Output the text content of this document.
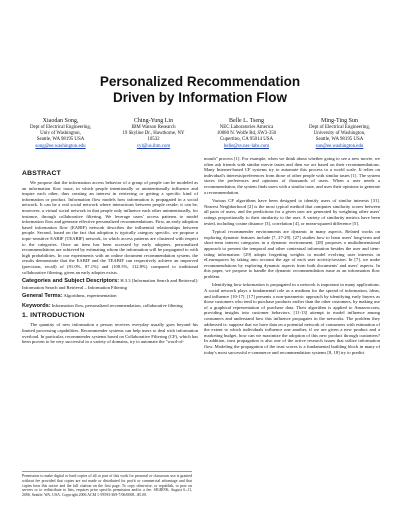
Personalized Recommendation
Driven by Information Flow
Xiaodan Song,
Dept of Electrical Engineering,
Univ of Washington,
Seattle, WA 98195 USA
song@ee.washington.edu
Ching-Yung Lin
IBM Watson Research
19 Skyline Dr., Hawthorne, NY
10532
cyl@us.ibm.com
Belle L. Tseng
NEC Laboratories America
10080 N. Wolfe Rd, SW3-350
Cupertino, CA 95014 USA
belle@sv.nec-labs.com
Ming-Ting Sun
Dept of Electrical Engineering,
University of Washington,
Seattle, WA 98195 USA
sun@ee.washington.edu
ABSTRACT

We propose that the information access behavior of a group of people can be modeled as an information flow issue, in which people intentionally or unintentionally influence and inspire each other, thus creating an interest in retrieving or getting a specific kind of information or product. Information flow models how information is propagated in a social network. It can be a real social network where interactions between people reside; it can be, moreover, a virtual social network in that people only influence each other unintentionally, for instance, through collaborative filtering. We leverage users' access patterns to model information flow and generate effective personalized recommendations. First, an early adoption based information flow (EABIF) network describes the influential relationships between people. Second, based on the fact that adoption is typically category specific, we propose a topic-sensitive EABIF (TEABIF) network, in which access patterns are clustered with respect to the categories. Once an item has been accessed by early adopters, personalized recommendations are achieved by estimating whom the information will be propagated to with high probabilities. In our experiments with an online document recommendation system, the results demonstrate that the EABIF and the TEABIF can respectively achieve an improved (precision, recall) of (91.0%, 87.1%) and (108.5%, 112.8%) compared to traditional collaborative filtering, given an early adopter exists.

Categories and Subject Descriptors: H.3.3 [Information Search and Retrieval]: Information Search and Retrieval – Information Filtering

General Terms: Algorithms, experimentation

Keywords: Information flow, personalized recommendation, collaborative filtering

1. INTRODUCTION

The quantity of new information a person receives everyday usually goes beyond his limited processing capabilities. Recommender systems can help users to deal with information overload. In particular, recommender systems based on Collaborative Filtering (CF), which has been proven to be very successful in a variety of domains, try to automate the "word-of-

Permission to make digital or hard copies of all or part of this work for personal or classroom use is granted without fee provided that copies are not made or distributed for profit or commercial advantage and that copies bear this notice and the full citation on the first page. To copy otherwise, or republish, to post on servers or to redistribute to lists, requires prior specific permission and/or a fee. SIGIR'06, August 6–11, 2006, Seattle, WA, USA. Copyright 2006 ACM 1-59593-369-7/06/0008...$5.00.

mouth" process [1]. For example, when we think about whether going to see a new movie, we often ask friends with similar movie tastes and then we act based on their recommendations. Many Internet-based CF systems try to automate this process to a world scale. It relies on individual's interests/preferences from those of other people with similar tastes [1]. The system stores the preferences and opinions of thousands of users. When a user needs a recommendation, the system finds users with a similar taste, and uses their opinions to generate a recommendation.

Various CF algorithms have been designed to identify users of similar interests [31]. Nearest Neighborhood [2] is the most typical method that computes similarity scores between all pairs of users, and the predictions for a given user are generated by weighting other users' ratings proportionally to their similarity to the user. A variety of similarity metrics have been tested, including cosine distance [3], correlation [4], or mean-squared difference [5].

Typical recommender environments are dynamic in many aspects. Related works on exploring dynamic features include [7, 27-29]. [27] studies how to learn users' long-term and short-term interest categories in a dynamic environment. [28] proposes a multidimensional approach to present the temporal and other contextual information besides the user and item-rating information. [29] adopts forgetting weights to model evolving user interests in eLearnspaces by taking into account the age of each user activity/session. In [7], we make recommendations by exploring dynamic aspects from both documents' and users' aspects. In this paper, we propose to handle the dynamic recommendation issue as an information flow problem.

Identifying how information is propagated in a network is important in many applications. A social network plays a fundamental role as a medium for the spread of information, ideas, and influence [10-17]. [17] presents a non-parametric approach by identifying early buyers as those customers who tend to purchase products earlier than the other customers, by making use of a graphical representation of purchase data. Their algorithm is applied to Amazon.com, providing insights into customer behaviors. [11-13] attempt to model influence among consumers and understand how this influence propagates in the networks. The problem they addressed is: suppose that we have data on a potential network of consumers with estimation of the extent to which individuals influence one another, if we are given a new product and a marketing budget, how can we maximize the adoption of this new product through customers? In addition, trust propagation is also one of the active research issues that utilize information flow. Modeling the propagation of the trust scores is a fundamental building block in many of today's most successful e-commerce and recommendation systems [8, 18] try to predict
